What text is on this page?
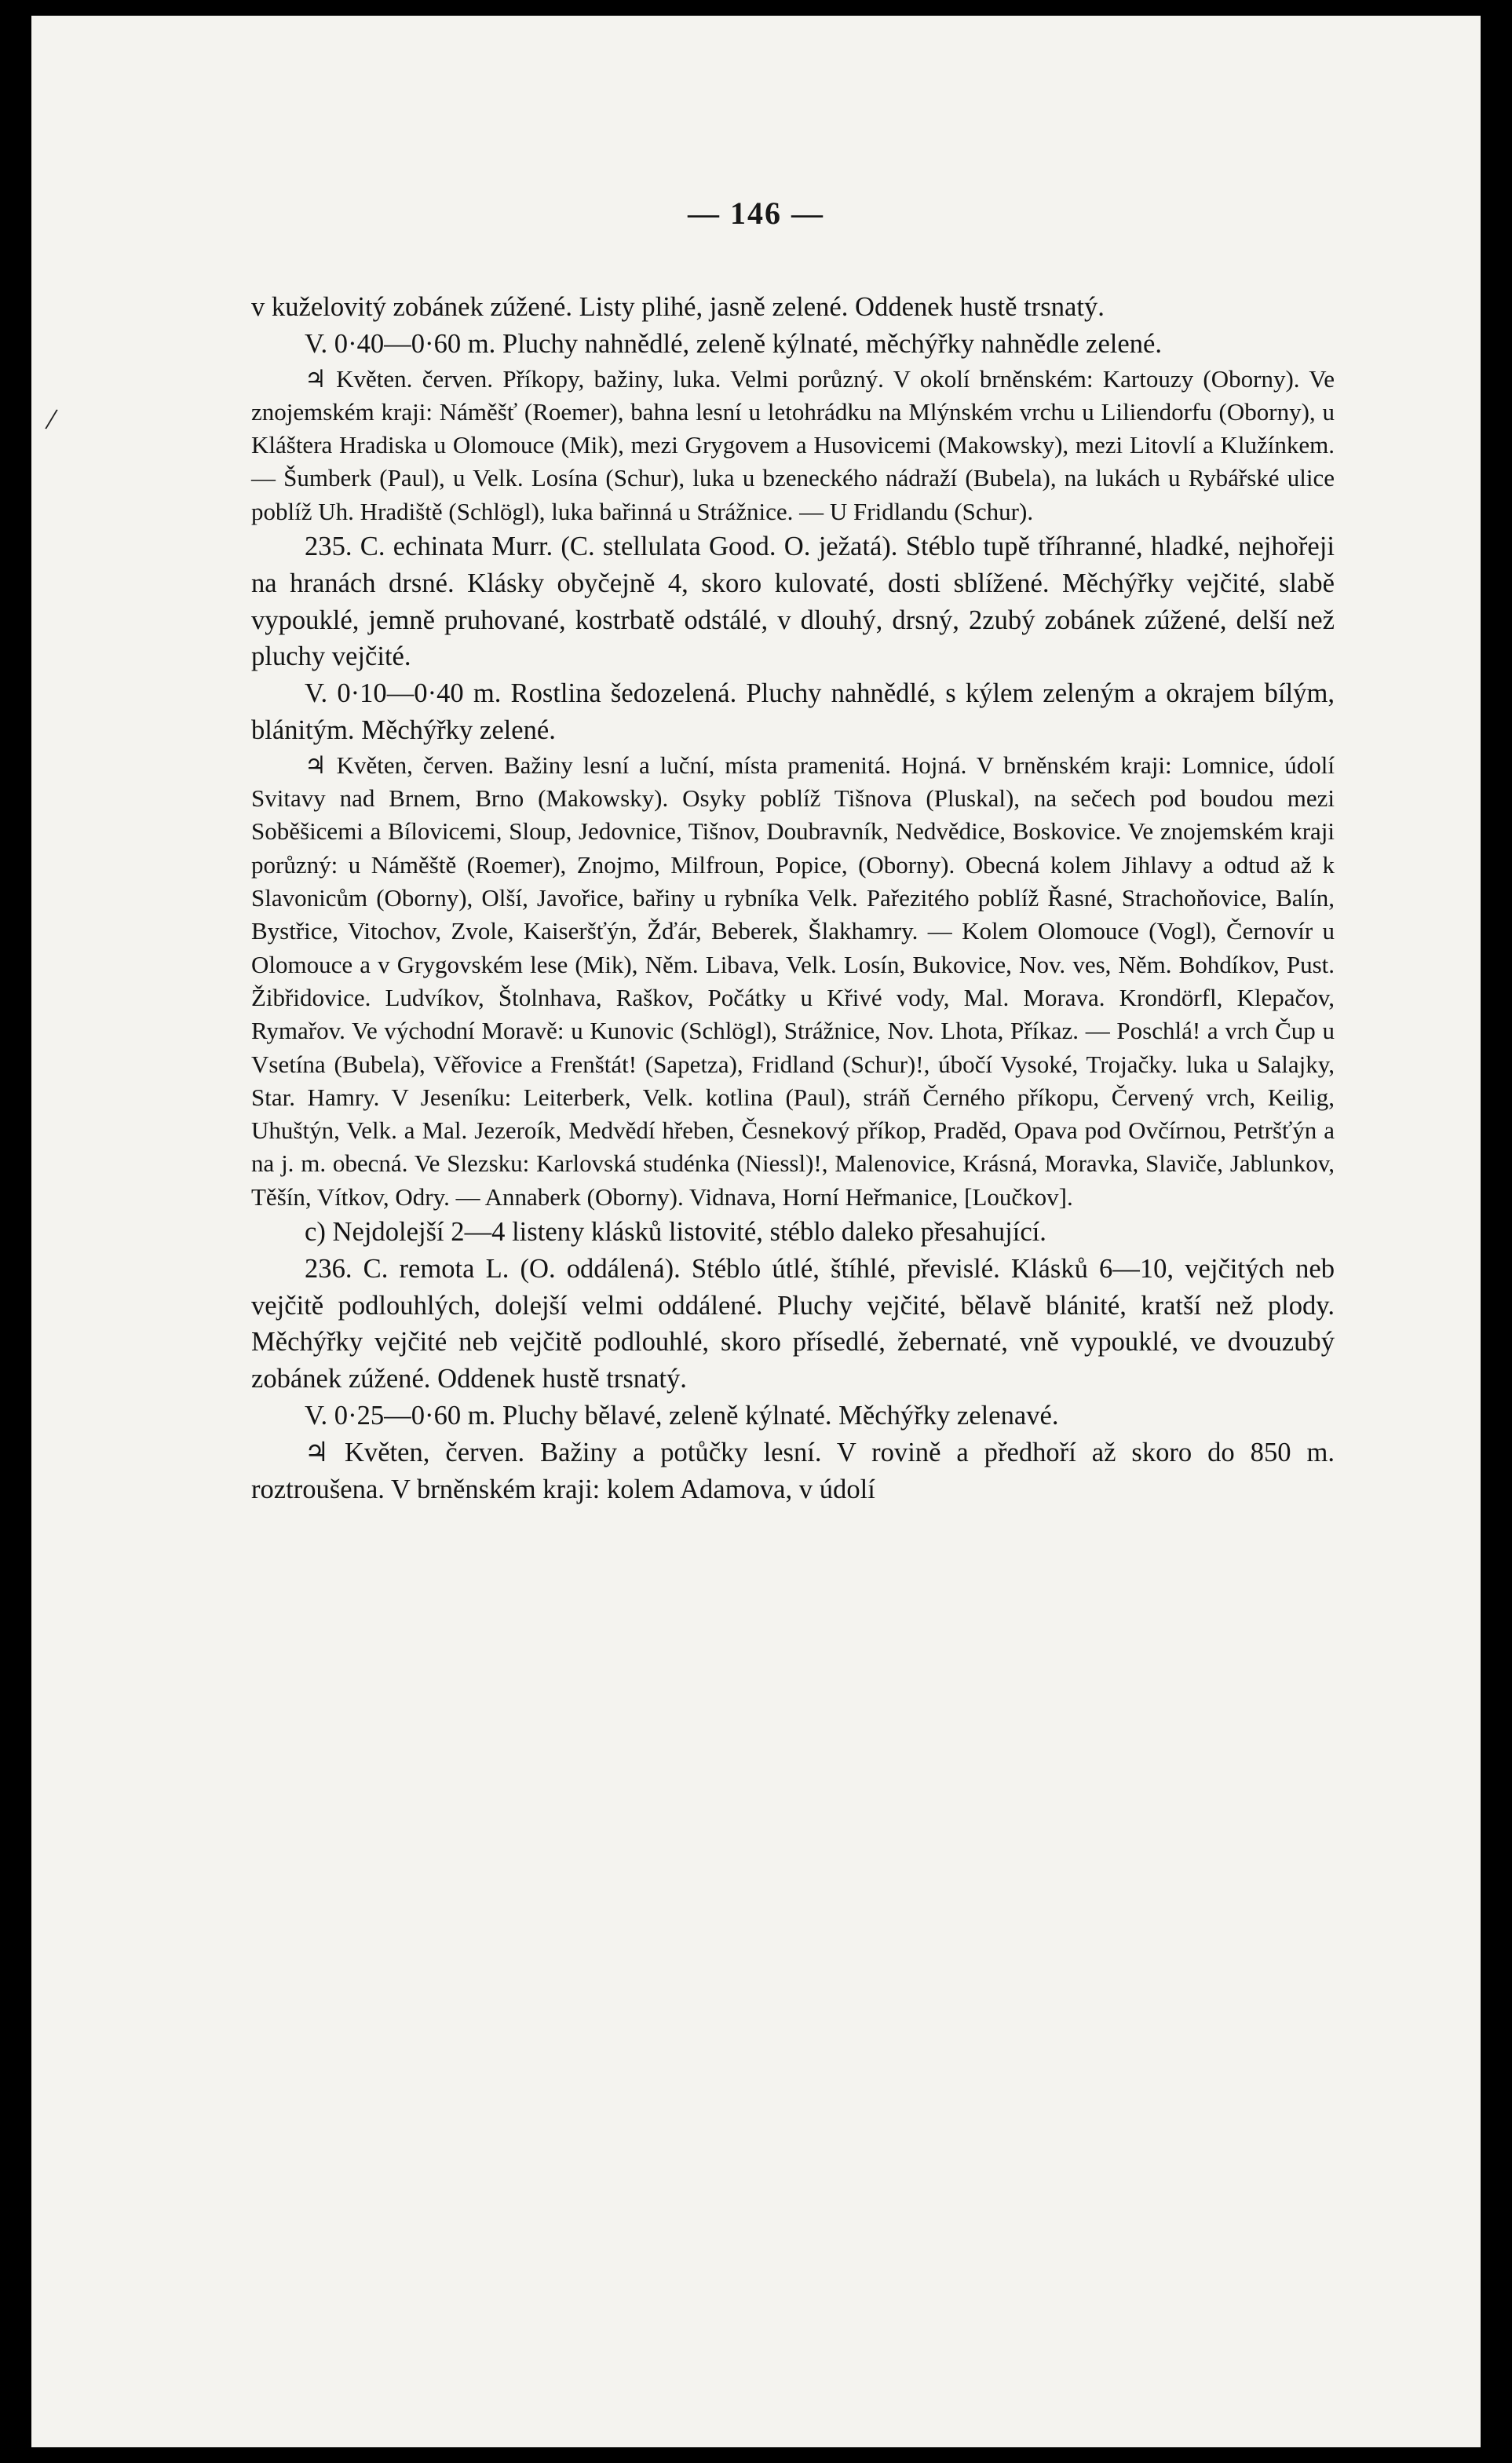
— 146 —
/

v kuželovitý zobánek zúžené. Listy plihé, jasně zelené. Oddenek hustě trsnatý.

V. 0·40—0·60 m. Pluchy nahnědlé, zeleně kýlnaté, měchýřky nahnědle zelené.

♃ Květen. červen. Příkopy, bažiny, luka. Velmi porůzný. V okolí brněnském: Kartouzy (Oborny). Ve znojemském kraji: Náměšť (Roemer), bahna lesní u letohrádku na Mlýnském vrchu u Liliendorfu (Oborny), u Kláštera Hradiska u Olomouce (Mik), mezi Grygovem a Husovicemi (Makowsky), mezi Litovlí a Klužínkem. — Šumberk (Paul), u Velk. Losína (Schur), luka u bzeneckého nádraží (Bubela), na lukách u Rybářské ulice poblíž Uh. Hradiště (Schlögl), luka bařinná u Strážnice. — U Fridlandu (Schur).

235. C. echinata Murr. (C. stellulata Good. O. ježatá). Stéblo tupě tříhranné, hladké, nejhořeji na hranách drsné. Klásky obyčejně 4, skoro kulovaté, dosti sblížené. Měchýřky vejčité, slabě vypouklé, jemně pruhované, kostrbatě odstálé, v dlouhý, drsný, 2zubý zobánek zúžené, delší než pluchy vejčité.

V. 0·10—0·40 m. Rostlina šedozelená. Pluchy nahnědlé, s kýlem zeleným a okrajem bílým, blánitým. Měchýřky zelené.

♃ Květen, červen. Bažiny lesní a luční, místa pramenitá. Hojná. V brněnském kraji: Lomnice, údolí Svitavy nad Brnem, Brno (Makowsky). Osyky poblíž Tišnova (Pluskal), na sečech pod boudou mezi Soběšicemi a Bílovicemi, Sloup, Jedovnice, Tišnov, Doubravník, Nedvědice, Boskovice. Ve znojemském kraji porůzný: u Náměště (Roemer), Znojmo, Milfroun, Popice, (Oborny). Obecná kolem Jihlavy a odtud až k Slavonicům (Oborny), Olší, Javořice, bařiny u rybníka Velk. Pařezitého poblíž Řasné, Strachoňovice, Balín, Bystřice, Vitochov, Zvole, Kaiseršťýn, Žďár, Beberek, Šlakhamry. — Kolem Olomouce (Vogl), Černovír u Olomouce a v Grygovském lese (Mik), Něm. Libava, Velk. Losín, Bukovice, Nov. ves, Něm. Bohdíkov, Pust. Žibřidovice. Ludvíkov, Štolnhava, Raškov, Počátky u Křivé vody, Mal. Morava. Krondörfl, Klepačov, Rymařov. Ve východní Moravě: u Kunovic (Schlögl), Strážnice, Nov. Lhota, Příkaz. — Poschlá! a vrch Čup u Vsetína (Bubela), Věřovice a Frenštát! (Sapetza), Fridland (Schur)!, úbočí Vysoké, Trojačky. luka u Salajky, Star. Hamry. V Jeseníku: Leiterberk, Velk. kotlina (Paul), stráň Černého příkopu, Červený vrch, Keilig, Uhuštýn, Velk. a Mal. Jezeroík, Medvědí hřeben, Česnekový příkop, Praděd, Opava pod Ovčírnou, Petršťýn a na j. m. obecná. Ve Slezsku: Karlovská studénka (Niessl)!, Malenovice, Krásná, Moravka, Slaviče, Jablunkov, Těšín, Vítkov, Odry. — Annaberk (Oborny). Vidnava, Horní Heřmanice, [Loučkov].

c) Nejdolejší 2—4 listeny klásků listovité, stéblo daleko přesahující.

236. C. remota L. (O. oddálená). Stéblo útlé, štíhlé, převislé. Klásků 6—10, vejčitých neb vejčitě podlouhlých, dolejší velmi oddálené. Pluchy vejčité, bělavě blánité, kratší než plody. Měchýřky vejčité neb vejčitě podlouhlé, skoro přísedlé, žebernaté, vně vypouklé, ve dvouzubý zobánek zúžené. Oddenek hustě trsnatý.

V. 0·25—0·60 m. Pluchy bělavé, zeleně kýlnaté. Měchýřky zelenavé.

♃ Květen, červen. Bažiny a potůčky lesní. V rovině a předhoří až skoro do 850 m. roztroušena. V brněnském kraji: kolem Adamova, v údolí
